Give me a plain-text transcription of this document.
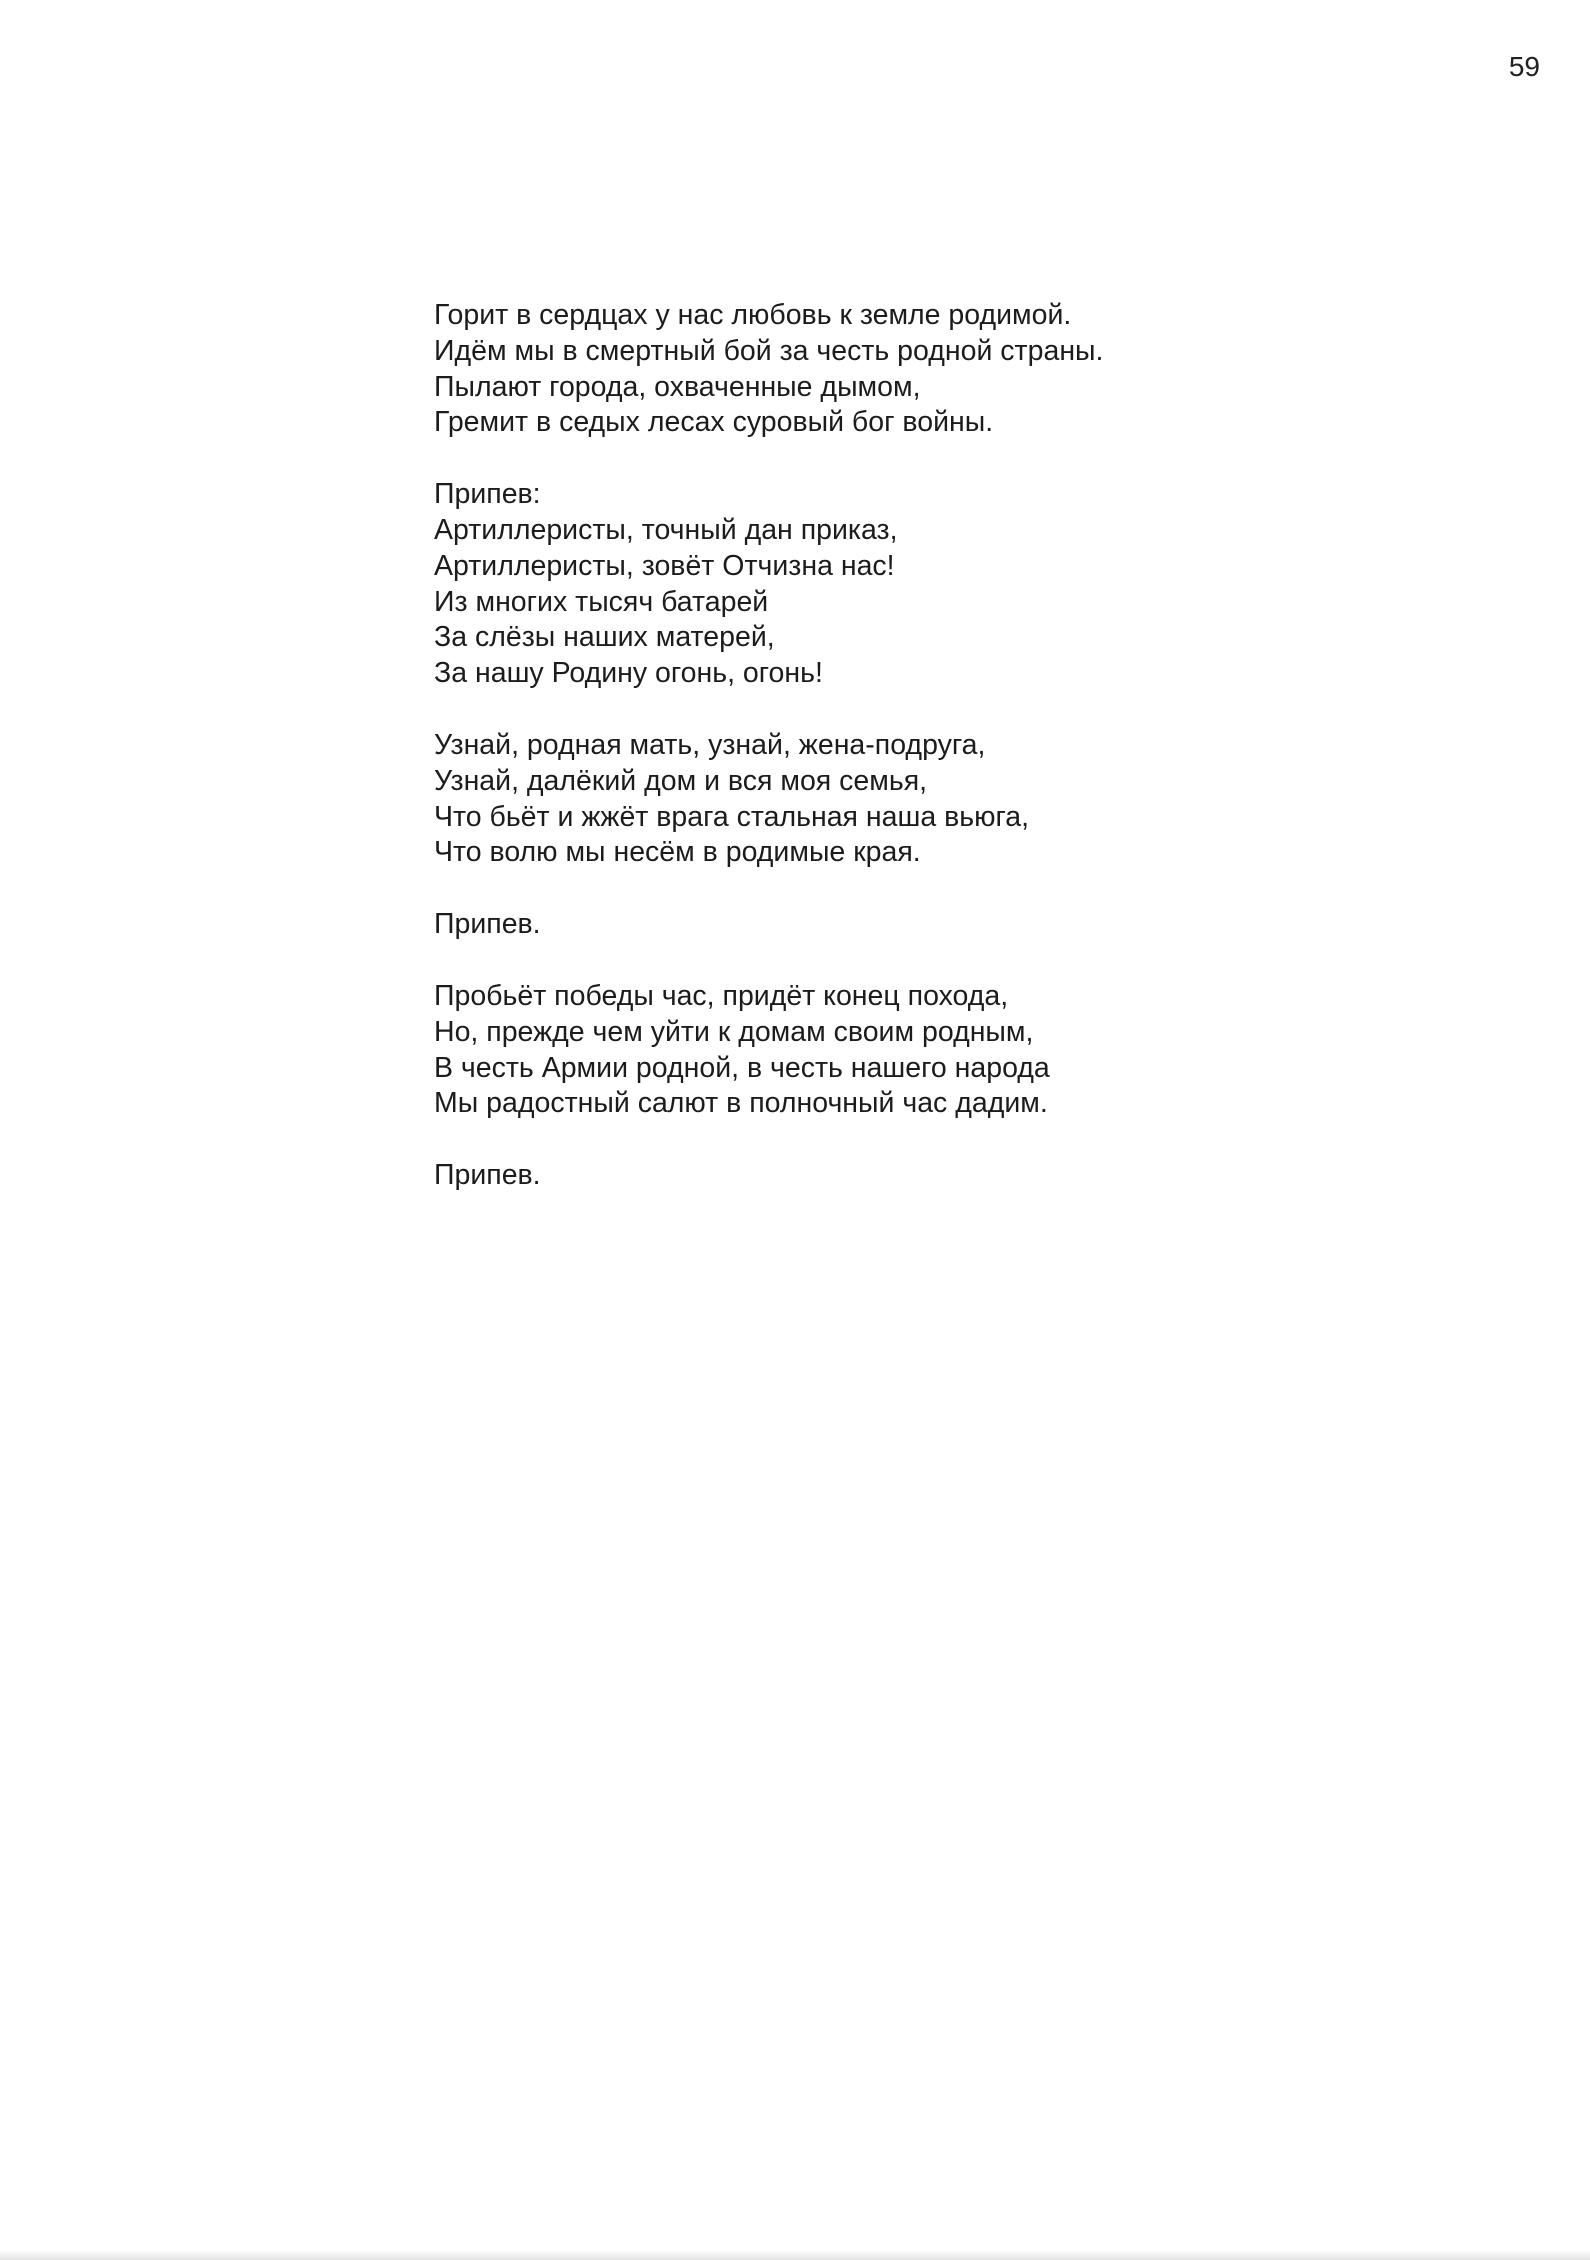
59
Горит в сердцах у нас любовь к земле родимой.
Идём мы в смертный бой за честь родной страны.
Пылают города, охваченные дымом,
Гремит в седых лесах суровый бог войны.
Припев:
Артиллеристы, точный дан приказ,
Артиллеристы, зовёт Отчизна нас!
Из многих тысяч батарей
За слёзы наших матерей,
За нашу Родину огонь, огонь!
Узнай, родная мать, узнай, жена-подруга,
Узнай, далёкий дом и вся моя семья,
Что бьёт и жжёт врага стальная наша вьюга,
Что волю мы несём в родимые края.
Припев.
Пробьёт победы час, придёт конец похода,
Но, прежде чем уйти к домам своим родным,
В честь Армии родной, в честь нашего народа
Мы радостный салют в полночный час дадим.
Припев.
